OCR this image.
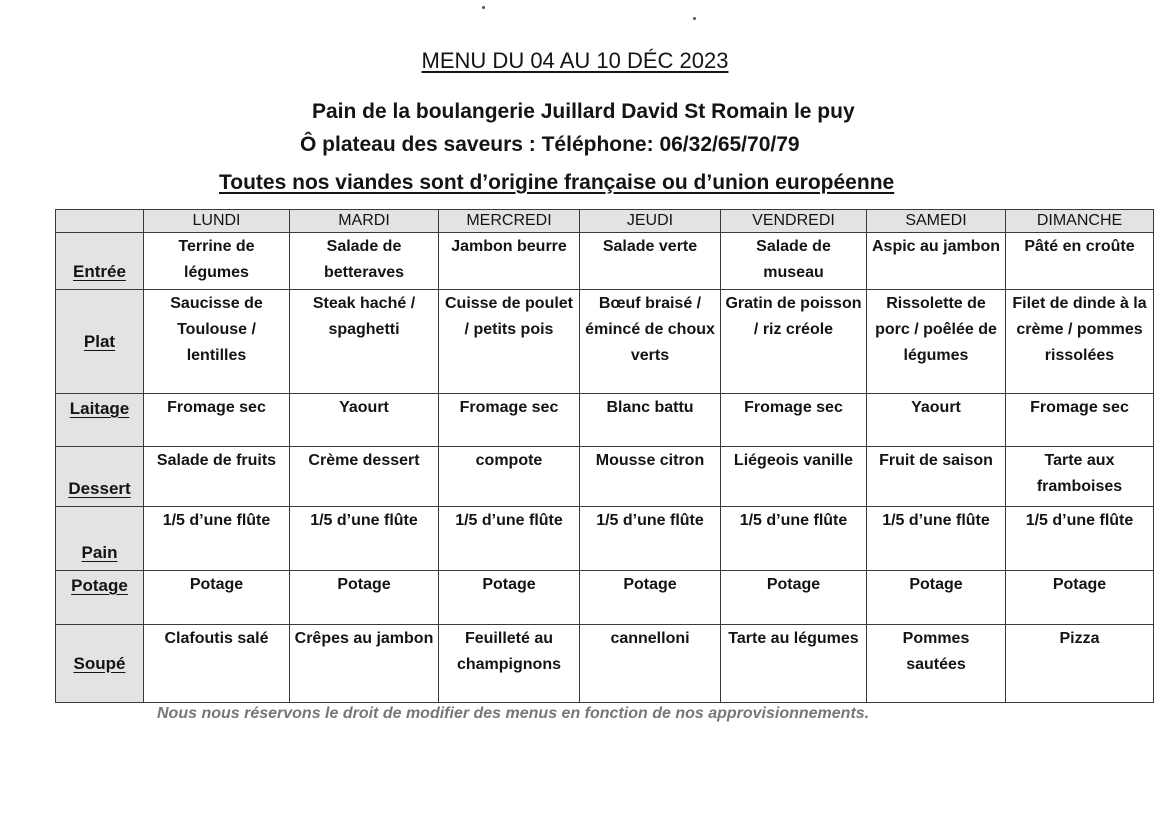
MENU DU 04 AU 10 DÉC 2023
Pain de la boulangerie Juillard David St Romain le puy
Ô plateau des saveurs : Téléphone: 06/32/65/70/79
Toutes nos viandes sont d’origine française ou d’union européenne
	LUNDI	MARDI	MERCREDI	JEUDI	VENDREDI	SAMEDI	DIMANCHE
Entrée	Terrine de légumes	Salade de betteraves	Jambon beurre	Salade verte	Salade de museau	Aspic au jambon	Pâté en croûte
Plat	Saucisse de Toulouse / lentilles	Steak haché / spaghetti	Cuisse de poulet / petits pois	Bœuf braisé / émincé de choux verts	Gratin de poisson / riz créole	Rissolette de porc / poêlée de légumes	Filet de dinde à la crème / pommes rissolées
Laitage	Fromage sec	Yaourt	Fromage sec	Blanc battu	Fromage sec	Yaourt	Fromage sec
Dessert	Salade de fruits	Crème dessert	compote	Mousse citron	Liégeois vanille	Fruit de saison	Tarte aux framboises
Pain	1/5 d’une flûte	1/5 d’une flûte	1/5 d’une flûte	1/5 d’une flûte	1/5 d’une flûte	1/5 d’une flûte	1/5 d’une flûte
Potage	Potage	Potage	Potage	Potage	Potage	Potage	Potage
Soupé	Clafoutis salé	Crêpes au jambon	Feuilleté au champignons	cannelloni	Tarte au légumes	Pommes sautées	Pizza
Nous nous réservons le droit de modifier des menus en fonction de nos approvisionnements.
